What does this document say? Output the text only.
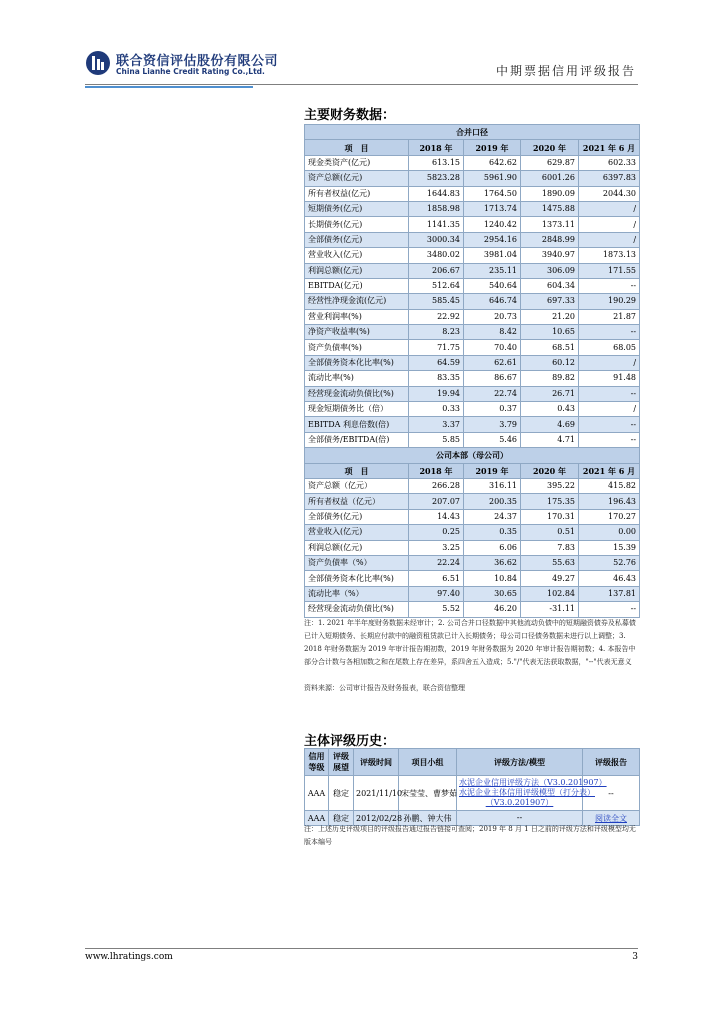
联合资信评估股份有限公司
China Lianhe Credit Rating Co.,Ltd.	中期票据信用评级报告
主要财务数据：
合并口径				
项　目	2018 年	2019 年	2020 年	2021 年 6 月
现金类资产(亿元)	613.15	642.62	629.87	602.33
资产总额(亿元)	5823.28	5961.90	6001.26	6397.83
所有者权益(亿元)	1644.83	1764.50	1890.09	2044.30
短期债务(亿元)	1858.98	1713.74	1475.88	/
长期债务(亿元)	1141.35	1240.42	1373.11	/
全部债务(亿元)	3000.34	2954.16	2848.99	/
营业收入(亿元)	3480.02	3981.04	3940.97	1873.13
利润总额(亿元)	206.67	235.11	306.09	171.55
EBITDA(亿元)	512.64	540.64	604.34	--
经营性净现金流(亿元)	585.45	646.74	697.33	190.29
营业利润率(%)	22.92	20.73	21.20	21.87
净资产收益率(%)	8.23	8.42	10.65	--
资产负债率(%)	71.75	70.40	68.51	68.05
全部债务资本化比率(%)	64.59	62.61	60.12	/
流动比率(%)	83.35	86.67	89.82	91.48
经营现金流动负债比(%)	19.94	22.74	26.71	--
现金短期债务比（倍）	0.33	0.37	0.43	/
EBITDA 利息倍数(倍)	3.37	3.79	4.69	--
全部债务/EBITDA(倍)	5.85	5.46	4.71	--
公司本部（母公司）				
项　目	2018 年	2019 年	2020 年	2021 年 6 月
资产总额（亿元）	266.28	316.11	395.22	415.82
所有者权益（亿元）	207.07	200.35	175.35	196.43
全部债务(亿元)	14.43	24.37	170.31	170.27
营业收入(亿元)	0.25	0.35	0.51	0.00
利润总额(亿元)	3.25	6.06	7.83	15.39
资产负债率（%）	22.24	36.62	55.63	52.76
全部债务资本化比率(%)	6.51	10.84	49.27	46.43
流动比率（%）	97.40	30.65	102.84	137.81
经营现金流动负债比(%)	5.52	46.20	-31.11	--
注：1. 2021 年半年度财务数据未经审计；2. 公司合并口径数据中其他流动负债中的短期融资债券及私募债已计入短期债务、长期应付款中的融资租赁款已计入长期债务；母公司口径债务数据未进行以上调整；3. 2018 年财务数据为 2019 年审计报告期初数，2019 年财务数据为 2020 年审计报告期初数；4. 本报告中部分合计数与各相加数之和在尾数上存在差异，系四舍五入造成；5."/"代表无法获取数据，"--"代表无意义
资料来源：公司审计报告及财务报表，联合资信整理
主体评级历史：
信用等级	评级展望	评级时间	项目小组	评级方法/模型	评级报告
AAA	稳定	2021/11/10	宋莹莹、曹梦茹	水泥企业信用评级方法（V3.0.201907）
水泥企业主体信用评级模型（打分表）
（V3.0.201907）	--
AAA	稳定	2012/02/28	孙鹏、钟大伟	--	阅读全文
注：上述历史评级项目的评级报告通过报告链接可查阅；2019 年 8 月 1 日之前的评级方法和评级模型均无版本编号
www.lhratings.com	3
